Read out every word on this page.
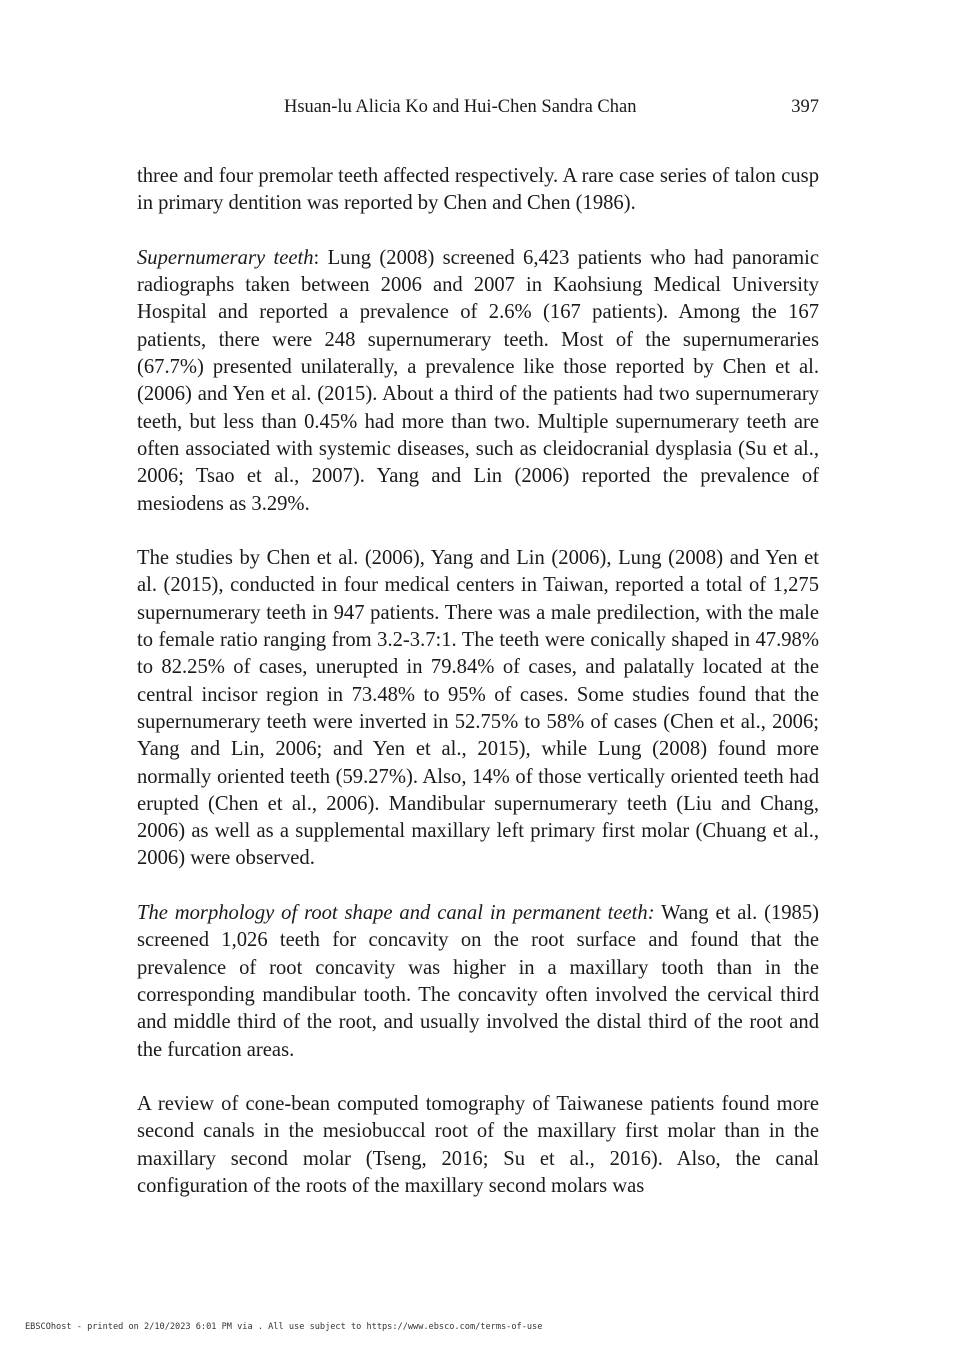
Hsuan-lu Alicia Ko and Hui-Chen Sandra Chan	397

three and four premolar teeth affected respectively. A rare case series of talon cusp in primary dentition was reported by Chen and Chen (1986).

Supernumerary teeth: Lung (2008) screened 6,423 patients who had panoramic radiographs taken between 2006 and 2007 in Kaohsiung Medical University Hospital and reported a prevalence of 2.6% (167 patients). Among the 167 patients, there were 248 supernumerary teeth. Most of the supernumeraries (67.7%) presented unilaterally, a prevalence like those reported by Chen et al. (2006) and Yen et al. (2015). About a third of the patients had two supernumerary teeth, but less than 0.45% had more than two. Multiple supernumerary teeth are often associated with systemic diseases, such as cleidocranial dysplasia (Su et al., 2006; Tsao et al., 2007). Yang and Lin (2006) reported the prevalence of mesiodens as 3.29%.

The studies by Chen et al. (2006), Yang and Lin (2006), Lung (2008) and Yen et al. (2015), conducted in four medical centers in Taiwan, reported a total of 1,275 supernumerary teeth in 947 patients. There was a male predilection, with the male to female ratio ranging from 3.2-3.7:1. The teeth were conically shaped in 47.98% to 82.25% of cases, unerupted in 79.84% of cases, and palatally located at the central incisor region in 73.48% to 95% of cases. Some studies found that the supernumerary teeth were inverted in 52.75% to 58% of cases (Chen et al., 2006; Yang and Lin, 2006; and Yen et al., 2015), while Lung (2008) found more normally oriented teeth (59.27%). Also, 14% of those vertically oriented teeth had erupted (Chen et al., 2006). Mandibular supernumerary teeth (Liu and Chang, 2006) as well as a supplemental maxillary left primary first molar (Chuang et al., 2006) were observed.

The morphology of root shape and canal in permanent teeth: Wang et al. (1985) screened 1,026 teeth for concavity on the root surface and found that the prevalence of root concavity was higher in a maxillary tooth than in the corresponding mandibular tooth. The concavity often involved the cervical third and middle third of the root, and usually involved the distal third of the root and the furcation areas.

A review of cone-bean computed tomography of Taiwanese patients found more second canals in the mesiobuccal root of the maxillary first molar than in the maxillary second molar (Tseng, 2016; Su et al., 2016). Also, the canal configuration of the roots of the maxillary second molars was

EBSCOhost - printed on 2/10/2023 6:01 PM via . All use subject to https://www.ebsco.com/terms-of-use
